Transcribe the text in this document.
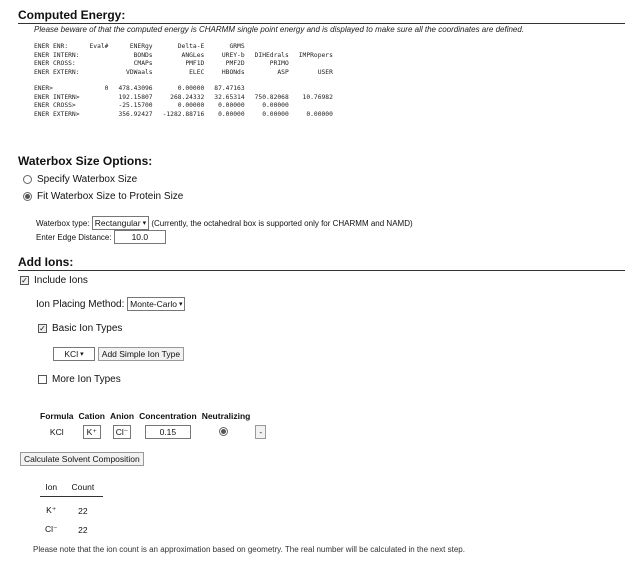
Computed Energy:
Please beware of that the computed energy is CHARMM single point energy and is displayed to make sure all the coordinates are defined.
ENER ENR:	Eval#	ENERgy	Delta-E	GRMS		
ENER INTERN:		BONDs	ANGLes	UREY-b	DIHEdrals	IMPRopers
ENER CROSS:		CMAPs	PMF1D	PMF2D	PRIMO	
ENER EXTERN:		VDWaals	ELEC	HBONds	ASP	USER

ENER>	0	478.43096	0.00000	87.47163		
ENER INTERN>		192.15807	268.24332	32.65314	750.82068	10.76982
ENER CROSS>		-25.15700	0.00000	0.00000	0.00000	
ENER EXTERN>		356.92427	-1282.88716	0.00000	0.00000	0.00000
Waterbox Size Options:
Specify Waterbox Size
Fit Waterbox Size to Protein Size
Waterbox type:
Rectangular ▾
(Currently, the octahedral box is supported only for CHARMM and NAMD)
Enter Edge Distance:
	10.0
Add Ions:
✓ Include Ions
Ion Placing Method:
Monte-Carlo ▾
✓ Basic Ion Types
KCl ▾
	Add Simple Ion Type
More Ion Types
Formula	Cation	Anion	Concentration	Neutralizing	
KCl	K⁺	Cl⁻	0.15		-
Calculate Solvent Composition
Ion	Count
K⁺	22
Cl⁻	22
Please note that the ion count is an approximation based on geometry. The real number will be calculated in the next step.
